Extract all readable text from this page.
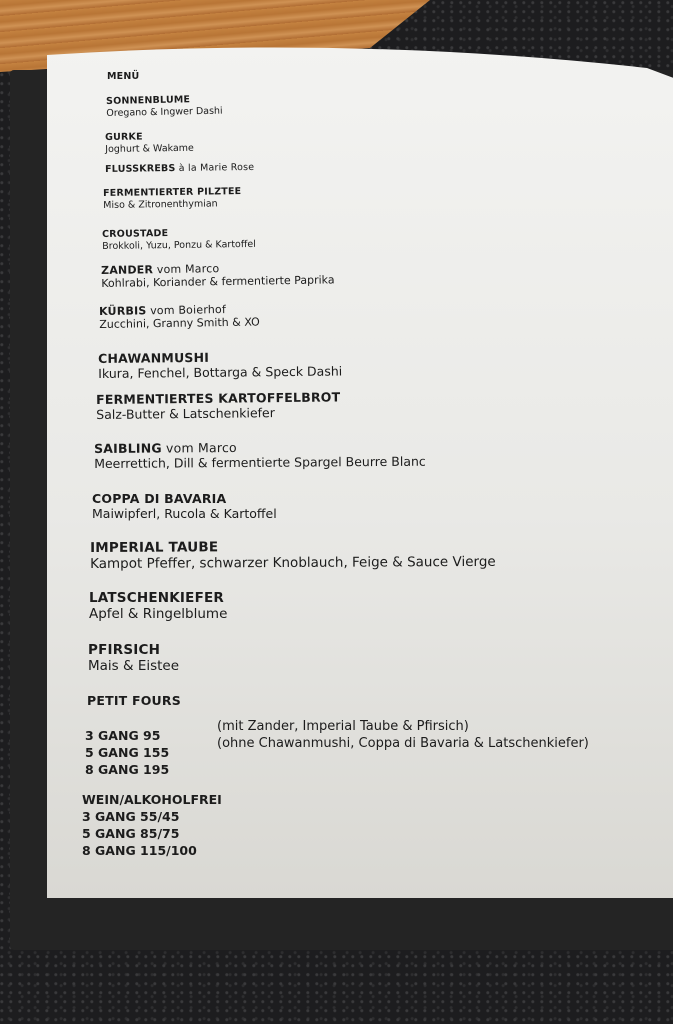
MENÜ
SONNENBLUME
Oregano & Ingwer Dashi
GURKE
Joghurt & Wakame
FLUSSKREBS à la Marie Rose
FERMENTIERTER PILZTEE
Miso & Zitronenthymian
CROUSTADE
Brokkoli, Yuzu, Ponzu & Kartoffel
ZANDER vom Marco
Kohlrabi, Koriander & fermentierte Paprika
KÜRBIS vom Boierhof
Zucchini, Granny Smith & XO
CHAWANMUSHI
Ikura, Fenchel, Bottarga & Speck Dashi
FERMENTIERTES KARTOFFELBROT
Salz-Butter & Latschenkiefer
SAIBLING vom Marco
Meerrettich, Dill & fermentierte Spargel Beurre Blanc
COPPA DI BAVARIA
Maiwipferl, Rucola & Kartoffel
IMPERIAL TAUBE
Kampot Pfeffer, schwarzer Knoblauch, Feige & Sauce Vierge
LATSCHENKIEFER
Apfel & Ringelblume
PFIRSICH
Mais & Eistee
PETIT FOURS
3 GANG 95
5 GANG 155
8 GANG 195
(mit Zander, Imperial Taube & Pfirsich)
(ohne Chawanmushi, Coppa di Bavaria & Latschenkiefer)
WEIN/ALKOHOLFREI
3 GANG 55/45
5 GANG 85/75
8 GANG 115/100
